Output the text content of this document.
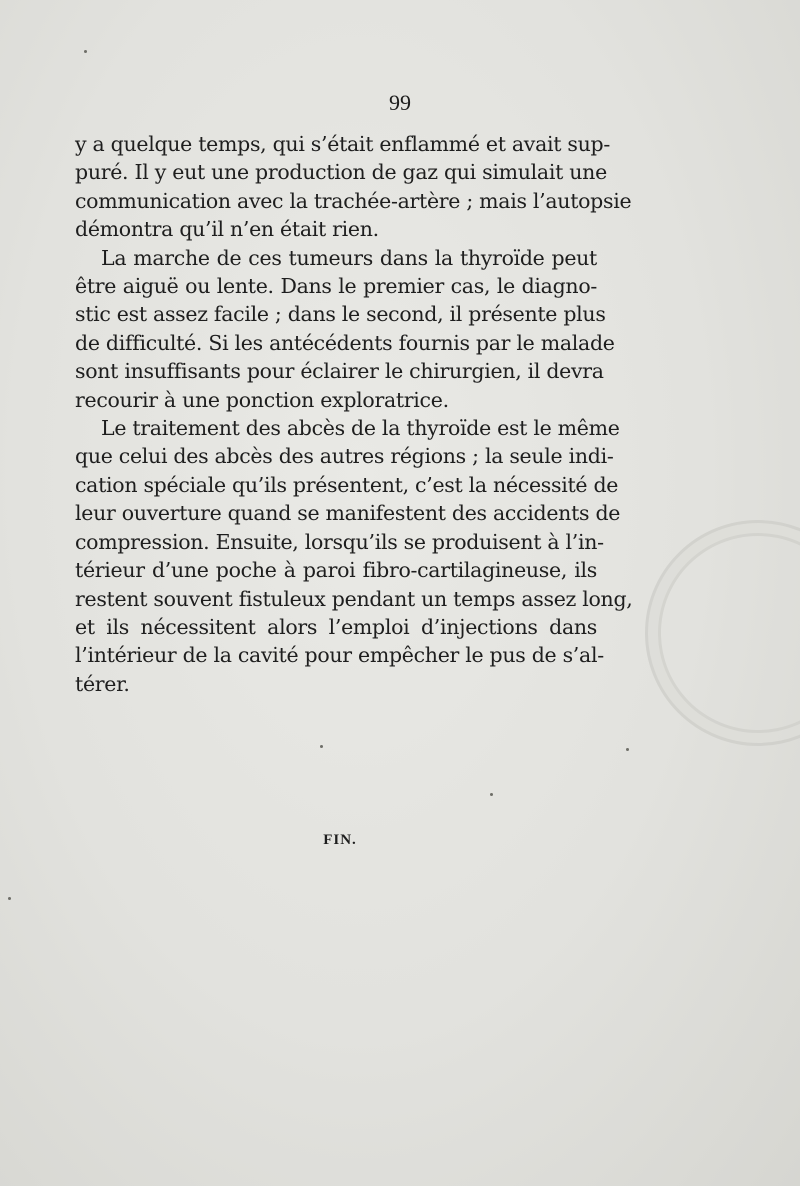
99
y a quelque temps, qui s’était enflammé et avait sup-
puré. Il y eut une production de gaz qui simulait une
communication avec la trachée-artère ; mais l’autopsie
démontra qu’il n’en était rien.
La marche de ces tumeurs dans la thyroïde peut
être aiguë ou lente. Dans le premier cas, le diagno-
stic est assez facile ; dans le second, il présente plus
de difficulté. Si les antécédents fournis par le malade
sont insuffisants pour éclairer le chirurgien, il devra
recourir à une ponction exploratrice.
Le traitement des abcès de la thyroïde est le même
que celui des abcès des autres régions ; la seule indi-
cation spéciale qu’ils présentent, c’est la nécessité de
leur ouverture quand se manifestent des accidents de
compression. Ensuite, lorsqu’ils se produisent à l’in-
térieur d’une poche à paroi fibro-cartilagineuse, ils
restent souvent fistuleux pendant un temps assez long,
et ils nécessitent alors l’emploi d’injections dans
l’intérieur de la cavité pour empêcher le pus de s’al-
térer.
FIN.
